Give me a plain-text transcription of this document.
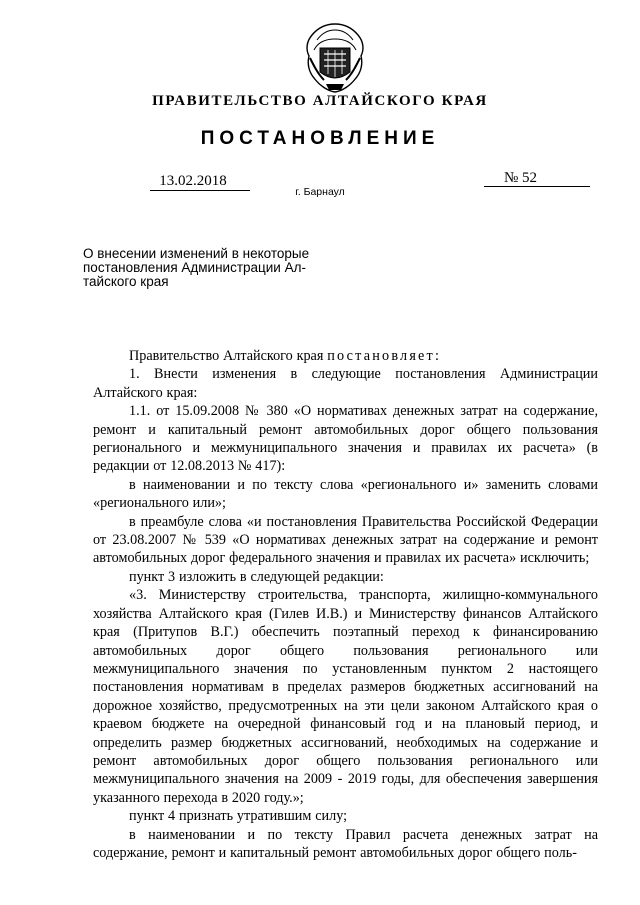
ПРАВИТЕЛЬСТВО АЛТАЙСКОГО КРАЯ
ПОСТАНОВЛЕНИЕ
13.02.2018	№ 52
г. Барнаул
О внесении изменений в некоторые
постановления Администрации Ал-
тайского края

Правительство Алтайского края постановляет:

1. Внести изменения в следующие постановления Администрации Алтайского края:

1.1. от 15.09.2008 № 380 «О нормативах денежных затрат на содержание, ремонт и капитальный ремонт автомобильных дорог общего пользования регионального и межмуниципального значения и правилах их расчета» (в редакции от 12.08.2013 № 417):

в наименовании и по тексту слова «регионального и» заменить словами «регионального или»;

в преамбуле слова «и постановления Правительства Российской Федерации от 23.08.2007 № 539 «О нормативах денежных затрат на содержание и ремонт автомобильных дорог федерального значения и правилах их расчета» исключить;

пункт 3 изложить в следующей редакции:

«3. Министерству строительства, транспорта, жилищно-коммунального хозяйства Алтайского края (Гилев И.В.) и Министерству финансов Алтайского края (Притупов В.Г.) обеспечить поэтапный переход к финансированию автомобильных дорог общего пользования регионального или межмуниципального значения по установленным пунктом 2 настоящего постановления нормативам в пределах размеров бюджетных ассигнований на дорожное хозяйство, предусмотренных на эти цели законом Алтайского края о краевом бюджете на очередной финансовый год и на плановый период, и определить размер бюджетных ассигнований, необходимых на содержание и ремонт автомобильных дорог общего пользования регионального или межмуниципального значения на 2009 - 2019 годы, для обеспечения завершения указанного перехода в 2020 году.»;

пункт 4 признать утратившим силу;

в наименовании и по тексту Правил расчета денежных затрат на содержание, ремонт и капитальный ремонт автомобильных дорог общего поль-
